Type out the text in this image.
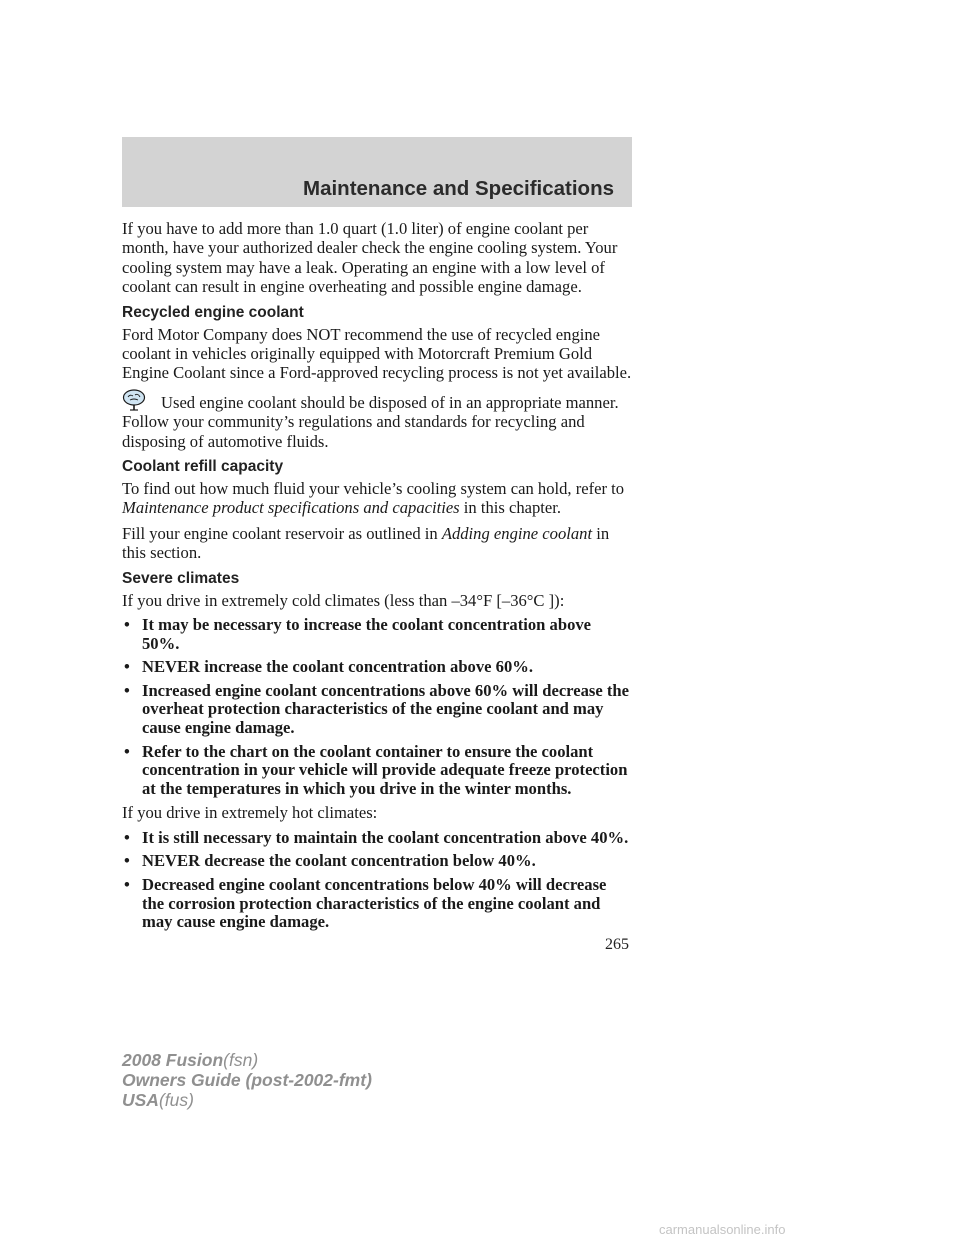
Maintenance and Specifications

If you have to add more than 1.0 quart (1.0 liter) of engine coolant per month, have your authorized dealer check the engine cooling system. Your cooling system may have a leak. Operating an engine with a low level of coolant can result in engine overheating and possible engine damage.

Recycled engine coolant

Ford Motor Company does NOT recommend the use of recycled engine coolant in vehicles originally equipped with Motorcraft Premium Gold Engine Coolant since a Ford-approved recycling process is not yet available.

Used engine coolant should be disposed of in an appropriate manner. Follow your community’s regulations and standards for recycling and disposing of automotive fluids.

Coolant refill capacity

To find out how much fluid your vehicle’s cooling system can hold, refer to Maintenance product specifications and capacities in this chapter.

Fill your engine coolant reservoir as outlined in Adding engine coolant in this section.

Severe climates

If you drive in extremely cold climates (less than –34°F [–36°C ]):

• It may be necessary to increase the coolant concentration above 50%.
• NEVER increase the coolant concentration above 60%.
• Increased engine coolant concentrations above 60% will decrease the overheat protection characteristics of the engine coolant and may cause engine damage.
• Refer to the chart on the coolant container to ensure the coolant concentration in your vehicle will provide adequate freeze protection at the temperatures in which you drive in the winter months.

If you drive in extremely hot climates:

• It is still necessary to maintain the coolant concentration above 40%.
• NEVER decrease the coolant concentration below 40%.
• Decreased engine coolant concentrations below 40% will decrease the corrosion protection characteristics of the engine coolant and may cause engine damage.
265
2008 Fusion(fsn)
Owners Guide (post-2002-fmt)
USA(fus)
carmanualsonline.info
